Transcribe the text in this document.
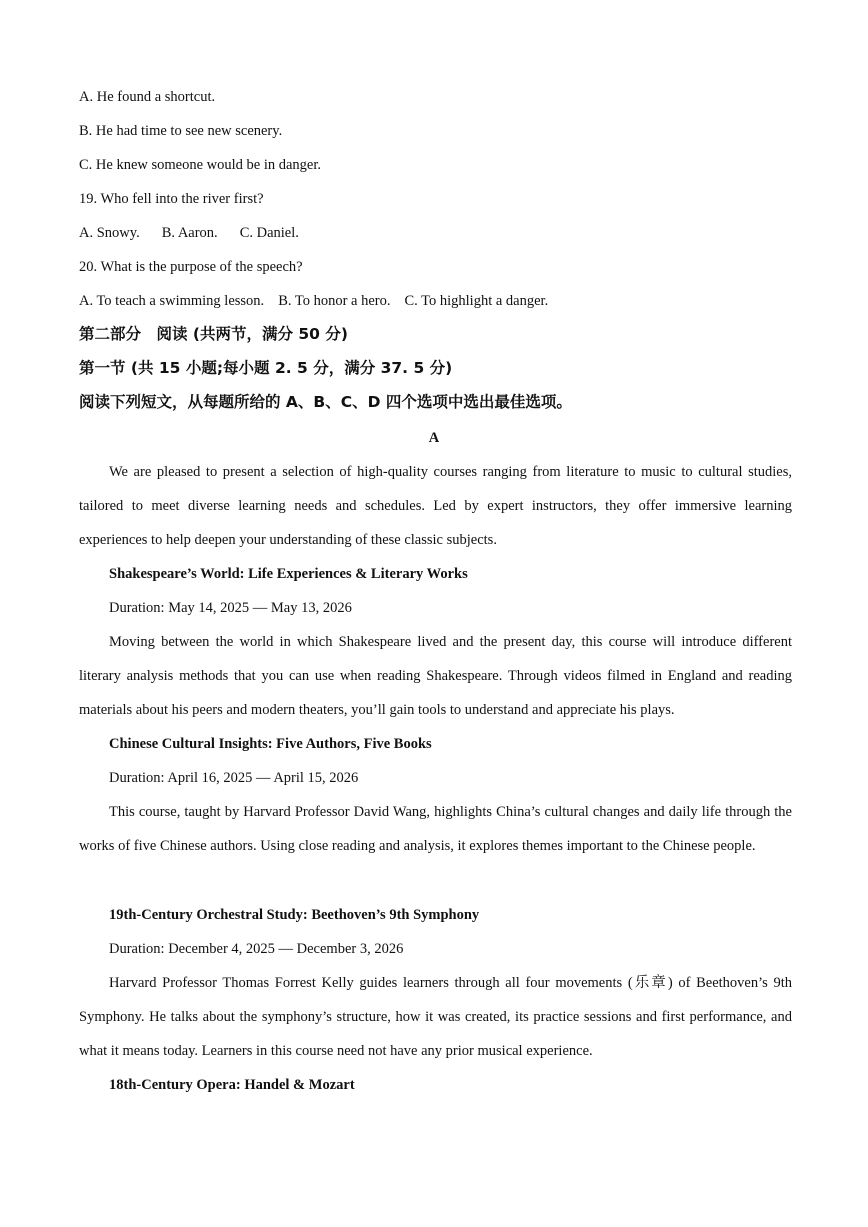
A. He found a shortcut.
B. He had time to see new scenery.
C. He knew someone would be in danger.
19. Who fell into the river first?
A. Snowy. B. Aaron. C. Daniel.
20. What is the purpose of the speech?
A. To teach a swimming lesson. B. To honor a hero. C. To highlight a danger.
第二部分　阅读 (共两节，满分 50 分)
第一节 (共 15 小题;每小题 2. 5 分，满分 37. 5 分)
阅读下列短文，从每题所给的 A、B、C、D 四个选项中选出最佳选项。
A
We are pleased to present a selection of high-quality courses ranging from literature to music to cultural studies, tailored to meet diverse learning needs and schedules. Led by expert instructors, they offer immersive learning experiences to help deepen your understanding of these classic subjects.
Shakespeare’s World: Life Experiences & Literary Works
Duration: May 14, 2025 — May 13, 2026
Moving between the world in which Shakespeare lived and the present day, this course will introduce different literary analysis methods that you can use when reading Shakespeare. Through videos filmed in England and reading materials about his peers and modern theaters, you’ll gain tools to understand and appreciate his plays.
Chinese Cultural Insights: Five Authors, Five Books
Duration: April 16, 2025 — April 15, 2026
This course, taught by Harvard Professor David Wang, highlights China’s cultural changes and daily life through the works of five Chinese authors. Using close reading and analysis, it explores themes important to the Chinese people.
19th-Century Orchestral Study: Beethoven’s 9th Symphony
Duration: December 4, 2025 — December 3, 2026
Harvard Professor Thomas Forrest Kelly guides learners through all four movements (乐章) of Beethoven’s 9th Symphony. He talks about the symphony’s structure, how it was created, its practice sessions and first performance, and what it means today. Learners in this course need not have any prior musical experience.
18th-Century Opera: Handel & Mozart
